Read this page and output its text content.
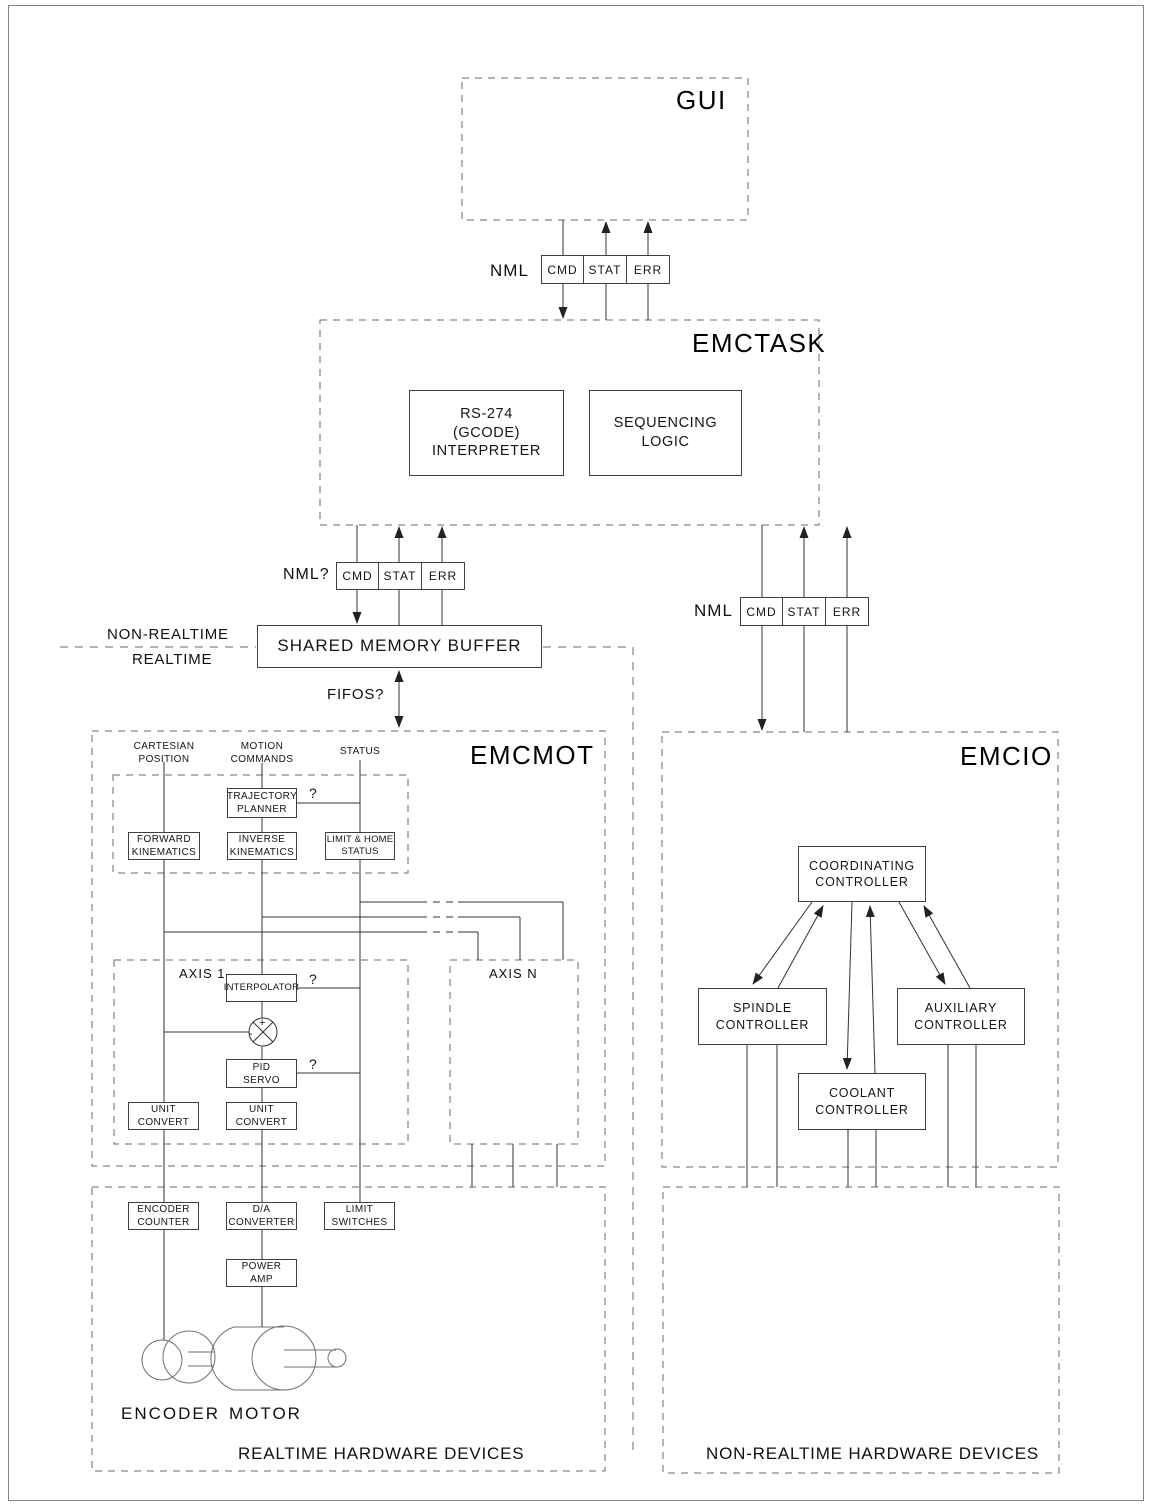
GUI
EMCTASK
EMCMOT	EMCIO
NML	CMD STAT	ERR
NML?	CMD STAT	ERR
NML	CMD STAT	ERR
RS-274
(GCODE)
INTERPRETER
SEQUENCING
LOGIC
NON-REALTIME
REALTIME
SHARED MEMORY BUFFER
FIFOS?
CARTESIAN
POSITION
MOTION
COMMANDS
STATUS
TRAJECTORY
PLANNER
FORWARD
KINEMATICS
INVERSE
KINEMATICS
LIMIT & HOME
STATUS
?
?
?
AXIS 1	AXIS N
INTERPOLATOR
+
-
PID
SERVO
UNIT
CONVERT
UNIT
CONVERT
ENCODER
COUNTER
D/A
CONVERTER
LIMIT
SWITCHES
POWER
AMP
ENCODER MOTOR
REALTIME HARDWARE DEVICES	NON-REALTIME HARDWARE DEVICES
COORDINATING
CONTROLLER
SPINDLE
CONTROLLER
AUXILIARY
CONTROLLER
COOLANT
CONTROLLER
